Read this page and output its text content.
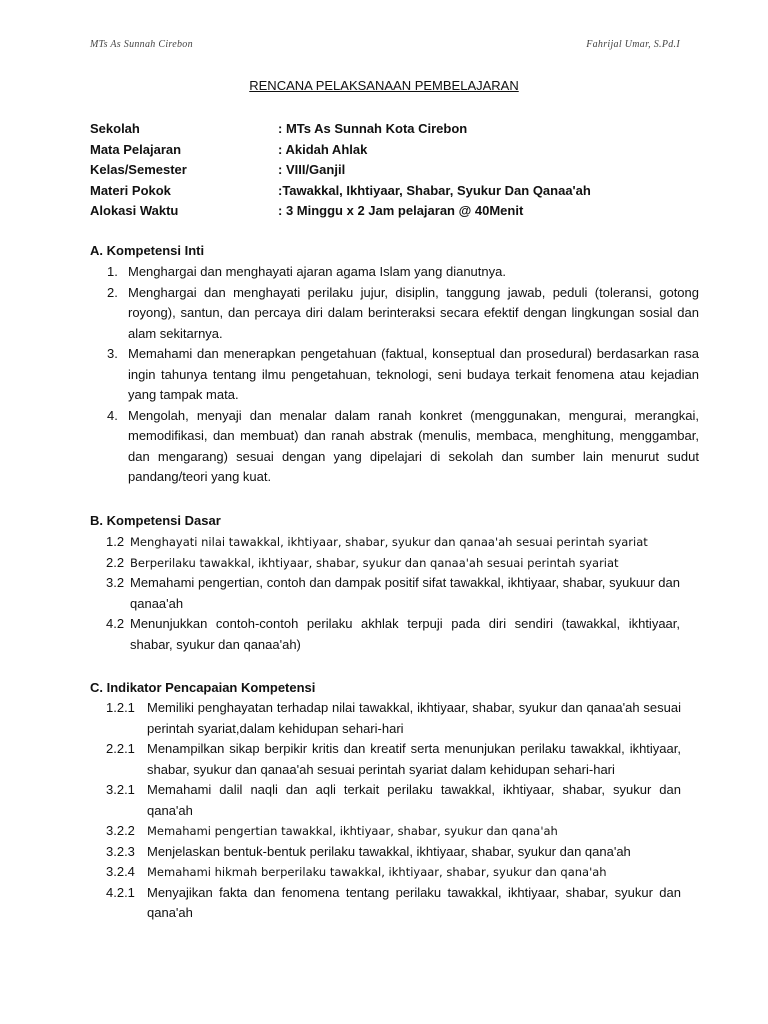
MTs As Sunnah Cirebon	Fahrijal Umar, S.Pd.I
RENCANA PELAKSANAAN PEMBELAJARAN
Sekolah	: MTs As Sunnah Kota Cirebon
Mata Pelajaran	: Akidah Ahlak
Kelas/Semester	: VIII/Ganjil
Materi Pokok	:Tawakkal, Ikhtiyaar, Shabar, Syukur Dan Qanaa'ah
Alokasi Waktu	: 3 Minggu x 2 Jam pelajaran @ 40Menit
A. Kompetensi Inti
1. Menghargai dan menghayati ajaran agama Islam yang dianutnya.
2. Menghargai dan menghayati perilaku jujur, disiplin, tanggung jawab, peduli (toleransi, gotong royong), santun, dan percaya diri dalam berinteraksi secara efektif dengan lingkungan sosial dan alam sekitarnya.
3. Memahami dan menerapkan pengetahuan (faktual, konseptual dan prosedural) berdasarkan rasa ingin tahunya tentang ilmu pengetahuan, teknologi, seni budaya terkait fenomena atau kejadian yang tampak mata.
4. Mengolah, menyaji dan menalar dalam ranah konkret (menggunakan, mengurai, merangkai, memodifikasi, dan membuat) dan ranah abstrak (menulis, membaca, menghitung, menggambar, dan mengarang) sesuai dengan yang dipelajari di sekolah dan sumber lain menurut sudut pandang/teori yang kuat.
B. Kompetensi Dasar
1.2 Menghayati nilai tawakkal, ikhtiyaar, shabar, syukur dan qanaa'ah sesuai perintah syariat
2.2 Berperilaku tawakkal, ikhtiyaar, shabar, syukur dan qanaa'ah sesuai perintah syariat
3.2 Memahami pengertian, contoh dan dampak positif sifat tawakkal, ikhtiyaar, shabar, syukuur dan qanaa'ah
4.2 Menunjukkan contoh-contoh perilaku akhlak terpuji pada diri sendiri (tawakkal, ikhtiyaar, shabar, syukur dan qanaa'ah)
C. Indikator Pencapaian Kompetensi
1.2.1 Memiliki penghayatan terhadap nilai tawakkal, ikhtiyaar, shabar, syukur dan qanaa'ah sesuai perintah syariat,dalam kehidupan sehari-hari
2.2.1 Menampilkan sikap berpikir kritis dan kreatif serta menunjukan perilaku tawakkal, ikhtiyaar, shabar, syukur dan qanaa'ah sesuai perintah syariat dalam kehidupan sehari-hari
3.2.1 Memahami dalil naqli dan aqli terkait perilaku tawakkal, ikhtiyaar, shabar, syukur dan qana'ah
3.2.2 Memahami pengertian tawakkal, ikhtiyaar, shabar, syukur dan qana'ah
3.2.3 Menjelaskan bentuk-bentuk perilaku tawakkal, ikhtiyaar, shabar, syukur dan qana'ah
3.2.4 Memahami hikmah berperilaku tawakkal, ikhtiyaar, shabar, syukur dan qana'ah
4.2.1 Menyajikan fakta dan fenomena tentang perilaku tawakkal, ikhtiyaar, shabar, syukur dan qana'ah
